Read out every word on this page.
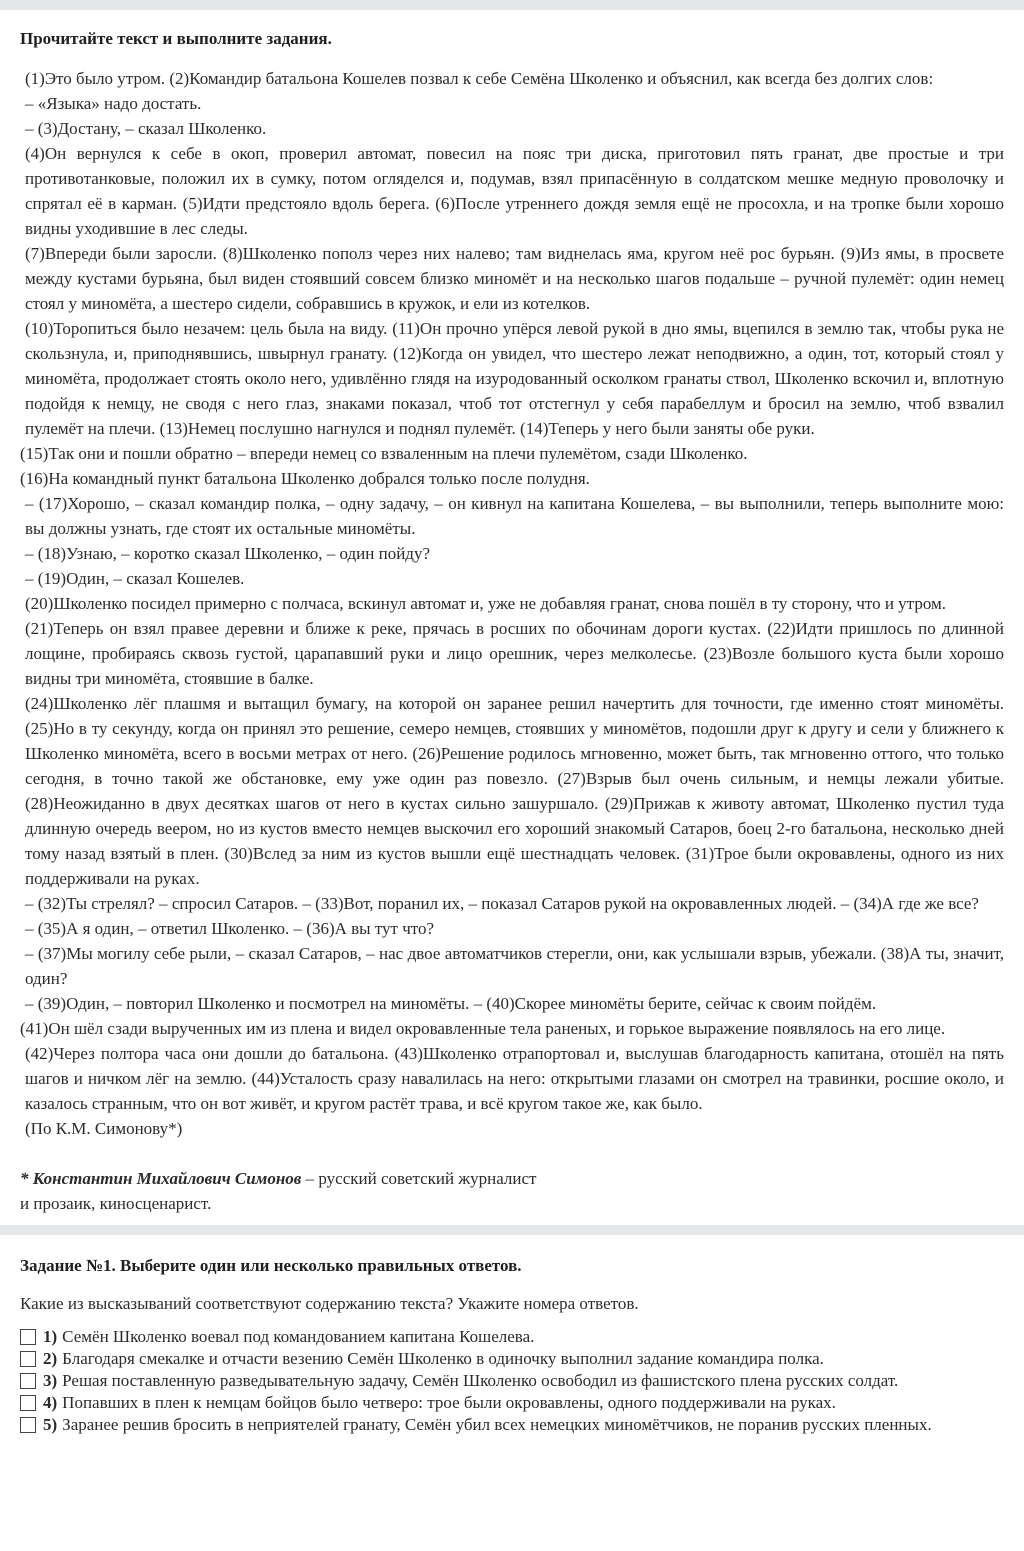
Прочитайте текст и выполните задания.

(1)Это было утром. (2)Командир батальона Кошелев позвал к себе Семёна Школенко и объяснил, как всегда без долгих слов:

– «Языка» надо достать.

– (3)Достану, – сказал Школенко.

(4)Он вернулся к себе в окоп, проверил автомат, повесил на пояс три диска, приготовил пять гранат, две простые и три противотанковые, положил их в сумку, потом огляделся и, подумав, взял припасённую в солдатском мешке медную проволочку и спрятал её в карман. (5)Идти предстояло вдоль берега. (6)После утреннего дождя земля ещё не просохла, и на тропке были хорошо видны уходившие в лес следы.

(7)Впереди были заросли. (8)Школенко пополз через них налево; там виднелась яма, кругом неё рос бурьян. (9)Из ямы, в просвете между кустами бурьяна, был виден стоявший совсем близко миномёт и на несколько шагов подальше – ручной пулемёт: один немец стоял у миномёта, а шестеро сидели, собравшись в кружок, и ели из котелков.

(10)Торопиться было незачем: цель была на виду. (11)Он прочно упёрся левой рукой в дно ямы, вцепился в землю так, чтобы рука не скользнула, и, приподнявшись, швырнул гранату. (12)Когда он увидел, что шестеро лежат неподвижно, а один, тот, который стоял у миномёта, продолжает стоять около него, удивлённо глядя на изуродованный осколком гранаты ствол, Школенко вскочил и, вплотную подойдя к немцу, не сводя с него глаз, знаками показал, чтоб тот отстегнул у себя парабеллум и бросил на землю, чтоб взвалил пулемёт на плечи. (13)Немец послушно нагнулся и поднял пулемёт. (14)Теперь у него были заняты обе руки.

(15)Так они и пошли обратно – впереди немец со взваленным на плечи пулемётом, сзади Школенко.

(16)На командный пункт батальона Школенко добрался только после полудня.

– (17)Хорошо, – сказал командир полка, – одну задачу, – он кивнул на капитана Кошелева, – вы выполнили, теперь выполните мою: вы должны узнать, где стоят их остальные миномёты.

– (18)Узнаю, – коротко сказал Школенко, – один пойду?

– (19)Один, – сказал Кошелев.

(20)Школенко посидел примерно с полчаса, вскинул автомат и, уже не добавляя гранат, снова пошёл в ту сторону, что и утром.

(21)Теперь он взял правее деревни и ближе к реке, прячась в росших по обочинам дороги кустах. (22)Идти пришлось по длинной лощине, пробираясь сквозь густой, царапавший руки и лицо орешник, через мелколесье. (23)Возле большого куста были хорошо видны три миномёта, стоявшие в балке.

(24)Школенко лёг плашмя и вытащил бумагу, на которой он заранее решил начертить для точности, где именно стоят миномёты. (25)Но в ту секунду, когда он принял это решение, семеро немцев, стоявших у миномётов, подошли друг к другу и сели у ближнего к Школенко миномёта, всего в восьми метрах от него. (26)Решение родилось мгновенно, может быть, так мгновенно оттого, что только сегодня, в точно такой же обстановке, ему уже один раз повезло. (27)Взрыв был очень сильным, и немцы лежали убитые. (28)Неожиданно в двух десятках шагов от него в кустах сильно зашуршало. (29)Прижав к животу автомат, Школенко пустил туда длинную очередь веером, но из кустов вместо немцев выскочил его хороший знакомый Сатаров, боец 2-го батальона, несколько дней тому назад взятый в плен. (30)Вслед за ним из кустов вышли ещё шестнадцать человек. (31)Трое были окровавлены, одного из них поддерживали на руках.

– (32)Ты стрелял? – спросил Сатаров. – (33)Вот, поранил их, – показал Сатаров рукой на окровавленных людей. – (34)А где же все?

– (35)А я один, – ответил Школенко. – (36)А вы тут что?

– (37)Мы могилу себе рыли, – сказал Сатаров, – нас двое автоматчиков стерегли, они, как услышали взрыв, убежали. (38)А ты, значит, один?

– (39)Один, – повторил Школенко и посмотрел на миномёты. – (40)Скорее миномёты берите, сейчас к своим пойдём.

(41)Он шёл сзади вырученных им из плена и видел окровавленные тела раненых, и горькое выражение появлялось на его лице.

(42)Через полтора часа они дошли до батальона. (43)Школенко отрапортовал и, выслушав благодарность капитана, отошёл на пять шагов и ничком лёг на землю. (44)Усталость сразу навалилась на него: открытыми глазами он смотрел на травинки, росшие около, и казалось странным, что он вот живёт, и кругом растёт трава, и всё кругом такое же, как было.

(По К.М. Симонову*)

* Константин Михайлович Симонов – русский советский журналист
и прозаик, киносценарист.
Задание №1. Выберите один или несколько правильных ответов.
Какие из высказываний соответствуют содержанию текста? Укажите номера ответов.
1) Семён Школенко воевал под командованием капитана Кошелева.
2) Благодаря смекалке и отчасти везению Семён Школенко в одиночку выполнил задание командира полка.
3) Решая поставленную разведывательную задачу, Семён Школенко освободил из фашистского плена русских солдат.
4) Попавших в плен к немцам бойцов было четверо: трое были окровавлены, одного поддерживали на руках.
5) Заранее решив бросить в неприятелей гранату, Семён убил всех немецких миномётчиков, не поранив русских пленных.
